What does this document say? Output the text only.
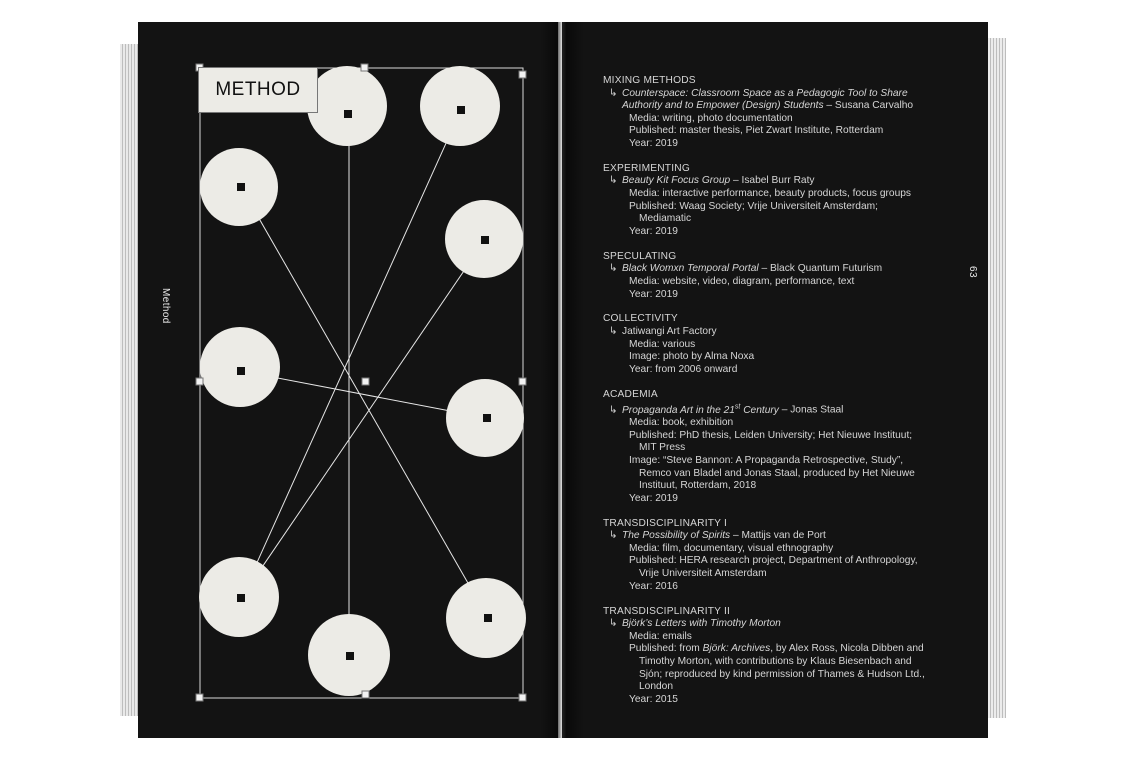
METHOD
Method
63
MIXING METHODS
↳ Counterspace: Classroom Space as a Pedagogic Tool to Share
Authority and to Empower (Design) Students – Susana Carvalho
Media: writing, photo documentation
Published: master thesis, Piet Zwart Institute, Rotterdam
Year: 2019
EXPERIMENTING
↳ Beauty Kit Focus Group – Isabel Burr Raty
Media: interactive performance, beauty products, focus groups
Published: Waag Society; Vrije Universiteit Amsterdam;
Mediamatic
Year: 2019
SPECULATING
↳ Black Womxn Temporal Portal – Black Quantum Futurism
Media: website, video, diagram, performance, text
Year: 2019
COLLECTIVITY
↳ Jatiwangi Art Factory
Media: various
Image: photo by Alma Noxa
Year: from 2006 onward
ACADEMIA
↳ Propaganda Art in the 21st Century – Jonas Staal
Media: book, exhibition
Published: PhD thesis, Leiden University; Het Nieuwe Instituut;
MIT Press
Image: “Steve Bannon: A Propaganda Retrospective, Study”,
Remco van Bladel and Jonas Staal, produced by Het Nieuwe
Instituut, Rotterdam, 2018
Year: 2019
TRANSDISCIPLINARITY I
↳ The Possibility of Spirits – Mattijs van de Port
Media: film, documentary, visual ethnography
Published: HERA research project, Department of Anthropology,
Vrije Universiteit Amsterdam
Year: 2016
TRANSDISCIPLINARITY II
↳ Björk’s Letters with Timothy Morton
Media: emails
Published: from Björk: Archives, by Alex Ross, Nicola Dibben and
Timothy Morton, with contributions by Klaus Biesenbach and
Sjón; reproduced by kind permission of Thames & Hudson Ltd.,
London
Year: 2015
